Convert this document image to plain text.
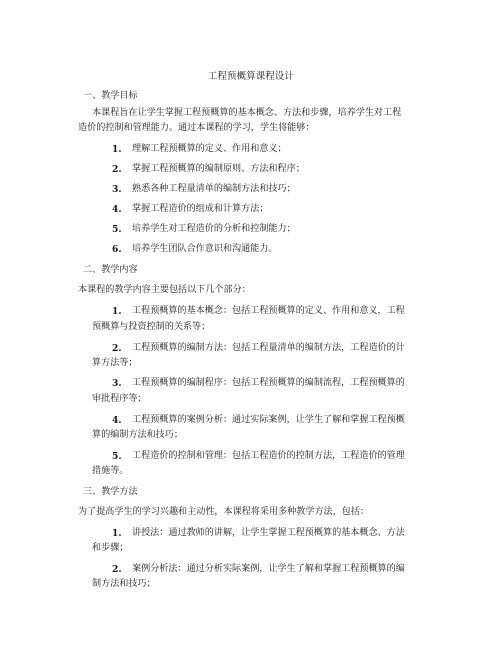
工程预概算课程设计
一、教学目标
本课程旨在让学生掌握工程预概算的基本概念、方法和步骤，培养学生对工程
造价的控制和管理能力。通过本课程的学习，学生将能够：
1. 理解工程预概算的定义、作用和意义；
2. 掌握工程预概算的编制原则、方法和程序；
3. 熟悉各种工程量清单的编制方法和技巧；
4. 掌握工程造价的组成和计算方法；
5. 培养学生对工程造价的分析和控制能力；
6. 培养学生团队合作意识和沟通能力。
二、教学内容
本课程的教学内容主要包括以下几个部分：
1. 工程预概算的基本概念：包括工程预概算的定义、作用和意义，工程
预概算与投资控制的关系等；
2. 工程预概算的编制方法：包括工程量清单的编制方法，工程造价的计
算方法等；
3. 工程预概算的编制程序：包括工程预概算的编制流程，工程预概算的
审批程序等；
4. 工程预概算的案例分析：通过实际案例，让学生了解和掌握工程预概
算的编制方法和技巧；
5. 工程造价的控制和管理：包括工程造价的控制方法，工程造价的管理
措施等。
三、教学方法
为了提高学生的学习兴趣和主动性，本课程将采用多种教学方法，包括：
1. 讲授法：通过教师的讲解，让学生掌握工程预概算的基本概念、方法
和步骤；
2. 案例分析法：通过分析实际案例，让学生了解和掌握工程预概算的编
制方法和技巧；
